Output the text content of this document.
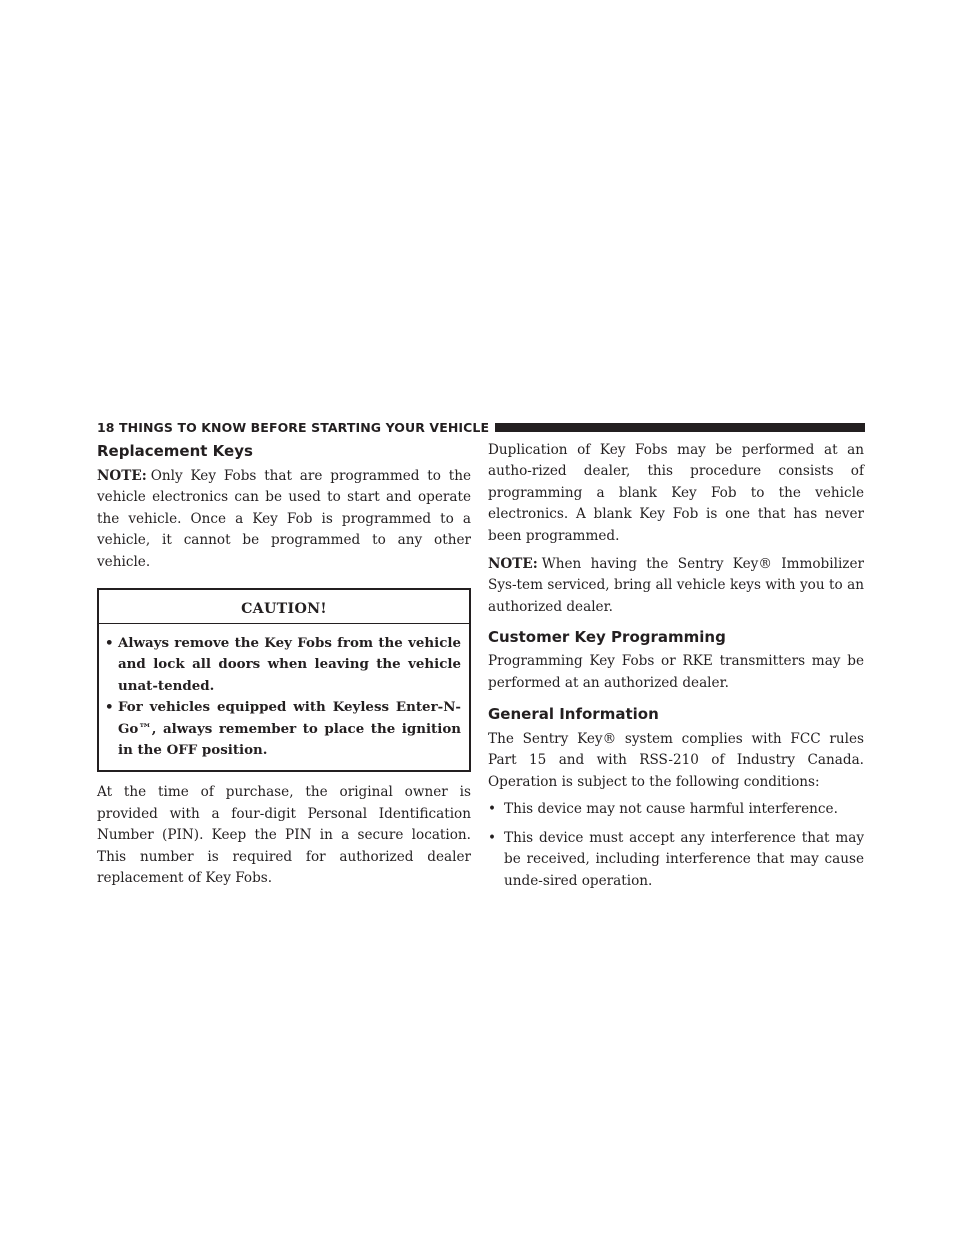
18 THINGS TO KNOW BEFORE STARTING YOUR VEHICLE
Replacement Keys

NOTE: Only Key Fobs that are programmed to the vehicle electronics can be used to start and operate the vehicle. Once a Key Fob is programmed to a vehicle, it cannot be programmed to any other vehicle.

CAUTION!
• Always remove the Key Fobs from the vehicle and lock all doors when leaving the vehicle unat-tended.
• For vehicles equipped with Keyless Enter-N-Go™, always remember to place the ignition in the OFF position.

At the time of purchase, the original owner is provided with a four-digit Personal Identification Number (PIN). Keep the PIN in a secure location. This number is required for authorized dealer replacement of Key Fobs.

Duplication of Key Fobs may be performed at an autho-rized dealer, this procedure consists of programming a blank Key Fob to the vehicle electronics. A blank Key Fob is one that has never been programmed.

NOTE: When having the Sentry Key® Immobilizer Sys-tem serviced, bring all vehicle keys with you to an authorized dealer.

Customer Key Programming

Programming Key Fobs or RKE transmitters may be performed at an authorized dealer.

General Information

The Sentry Key® system complies with FCC rules Part 15 and with RSS-210 of Industry Canada. Operation is subject to the following conditions:

• This device may not cause harmful interference.
• This device must accept any interference that may be received, including interference that may cause unde-sired operation.
